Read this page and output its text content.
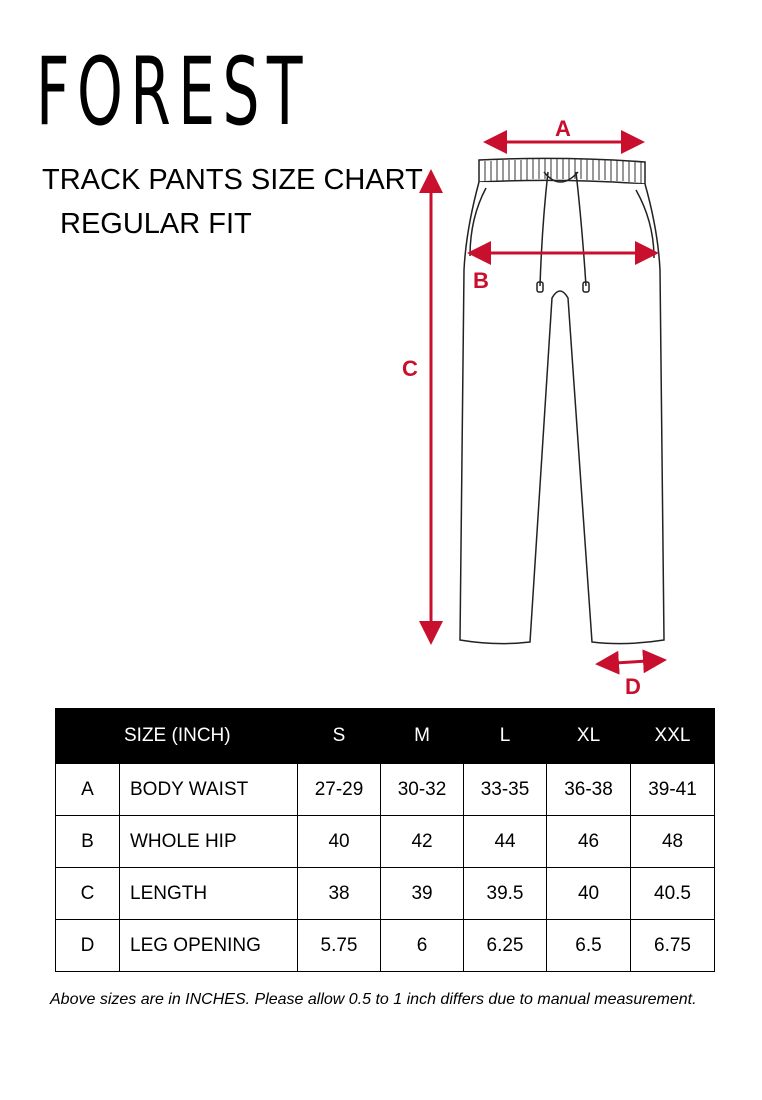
FOREST
TRACK PANTS SIZE CHART
REGULAR FIT
A
B
C
D
SIZE (INCH)		S	M	L	XL	XXL
A	BODY WAIST	27-29	30-32	33-35	36-38	39-41
B	WHOLE HIP	40	42	44	46	48
C	LENGTH	38	39	39.5	40	40.5
D	LEG OPENING	5.75	6	6.25	6.5	6.75
Above sizes are in INCHES. Please allow 0.5 to 1 inch differs due to manual measurement.
